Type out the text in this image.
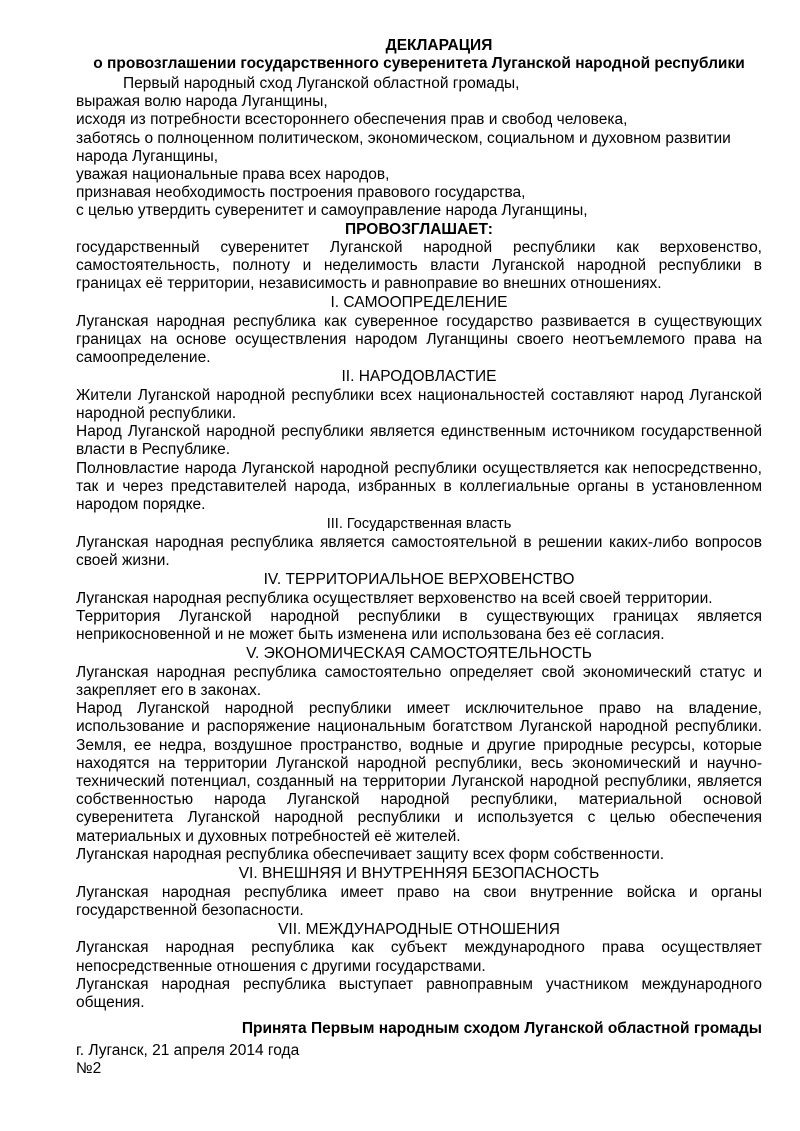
ДЕКЛАРАЦИЯ
о провозглашении государственного суверенитета Луганской народной республики
Первый народный сход Луганской областной громады,
выражая волю народа Луганщины,
исходя из потребности всестороннего обеспечения прав и свобод человека,
заботясь о полноценном политическом, экономическом, социальном и духовном развитии народа Луганщины,
уважая национальные права всех народов,
признавая необходимость построения правового государства,
с целью утвердить суверенитет и самоуправление народа Луганщины,
ПРОВОЗГЛАШАЕТ:
государственный суверенитет Луганской народной республики как верховенство, самостоятельность, полноту и неделимость власти Луганской народной республики в границах её территории, независимость и равноправие во внешних отношениях.
I. САМООПРЕДЕЛЕНИЕ
Луганская народная республика как суверенное государство развивается в существующих границах на основе осуществления народом Луганщины своего неотъемлемого права на самоопределение.
II. НАРОДОВЛАСТИЕ
Жители Луганской народной республики всех национальностей составляют народ Луганской народной республики.
Народ Луганской народной республики является единственным источником государственной власти в Республике.
Полновластие народа Луганской народной республики осуществляется как непосредственно, так и через представителей народа, избранных в коллегиальные органы в установленном народом порядке.
III. Государственная власть
Луганская народная республика является самостоятельной в решении каких-либо вопросов своей жизни.
IV. ТЕРРИТОРИАЛЬНОЕ ВЕРХОВЕНСТВО
Луганская народная республика осуществляет верховенство на всей своей территории.
Территория Луганской народной республики в существующих границах является неприкосновенной и не может быть изменена или использована без её согласия.
V. ЭКОНОМИЧЕСКАЯ САМОСТОЯТЕЛЬНОСТЬ
Луганская народная республика самостоятельно определяет свой экономический статус и закрепляет его в законах.
Народ Луганской народной республики имеет исключительное право на владение, использование и распоряжение национальным богатством Луганской народной республики. Земля, ее недра, воздушное пространство, водные и другие природные ресурсы, которые находятся на территории Луганской народной республики, весь экономический и научно-технический потенциал, созданный на территории Луганской народной республики, является собственностью народа Луганской народной республики, материальной основой суверенитета Луганской народной республики и используется с целью обеспечения материальных и духовных потребностей её жителей.
Луганская народная республика обеспечивает защиту всех форм собственности.
VI. ВНЕШНЯЯ И ВНУТРЕННЯЯ БЕЗОПАСНОСТЬ
Луганская народная республика имеет право на свои внутренние войска и органы государственной безопасности.
VII. МЕЖДУНАРОДНЫЕ ОТНОШЕНИЯ
Луганская народная республика как субъект международного права осуществляет непосредственные отношения с другими государствами.
Луганская народная республика выступает равноправным участником международного общения.
Принята Первым народным сходом Луганской областной громады
г. Луганск, 21 апреля 2014 года
№2
